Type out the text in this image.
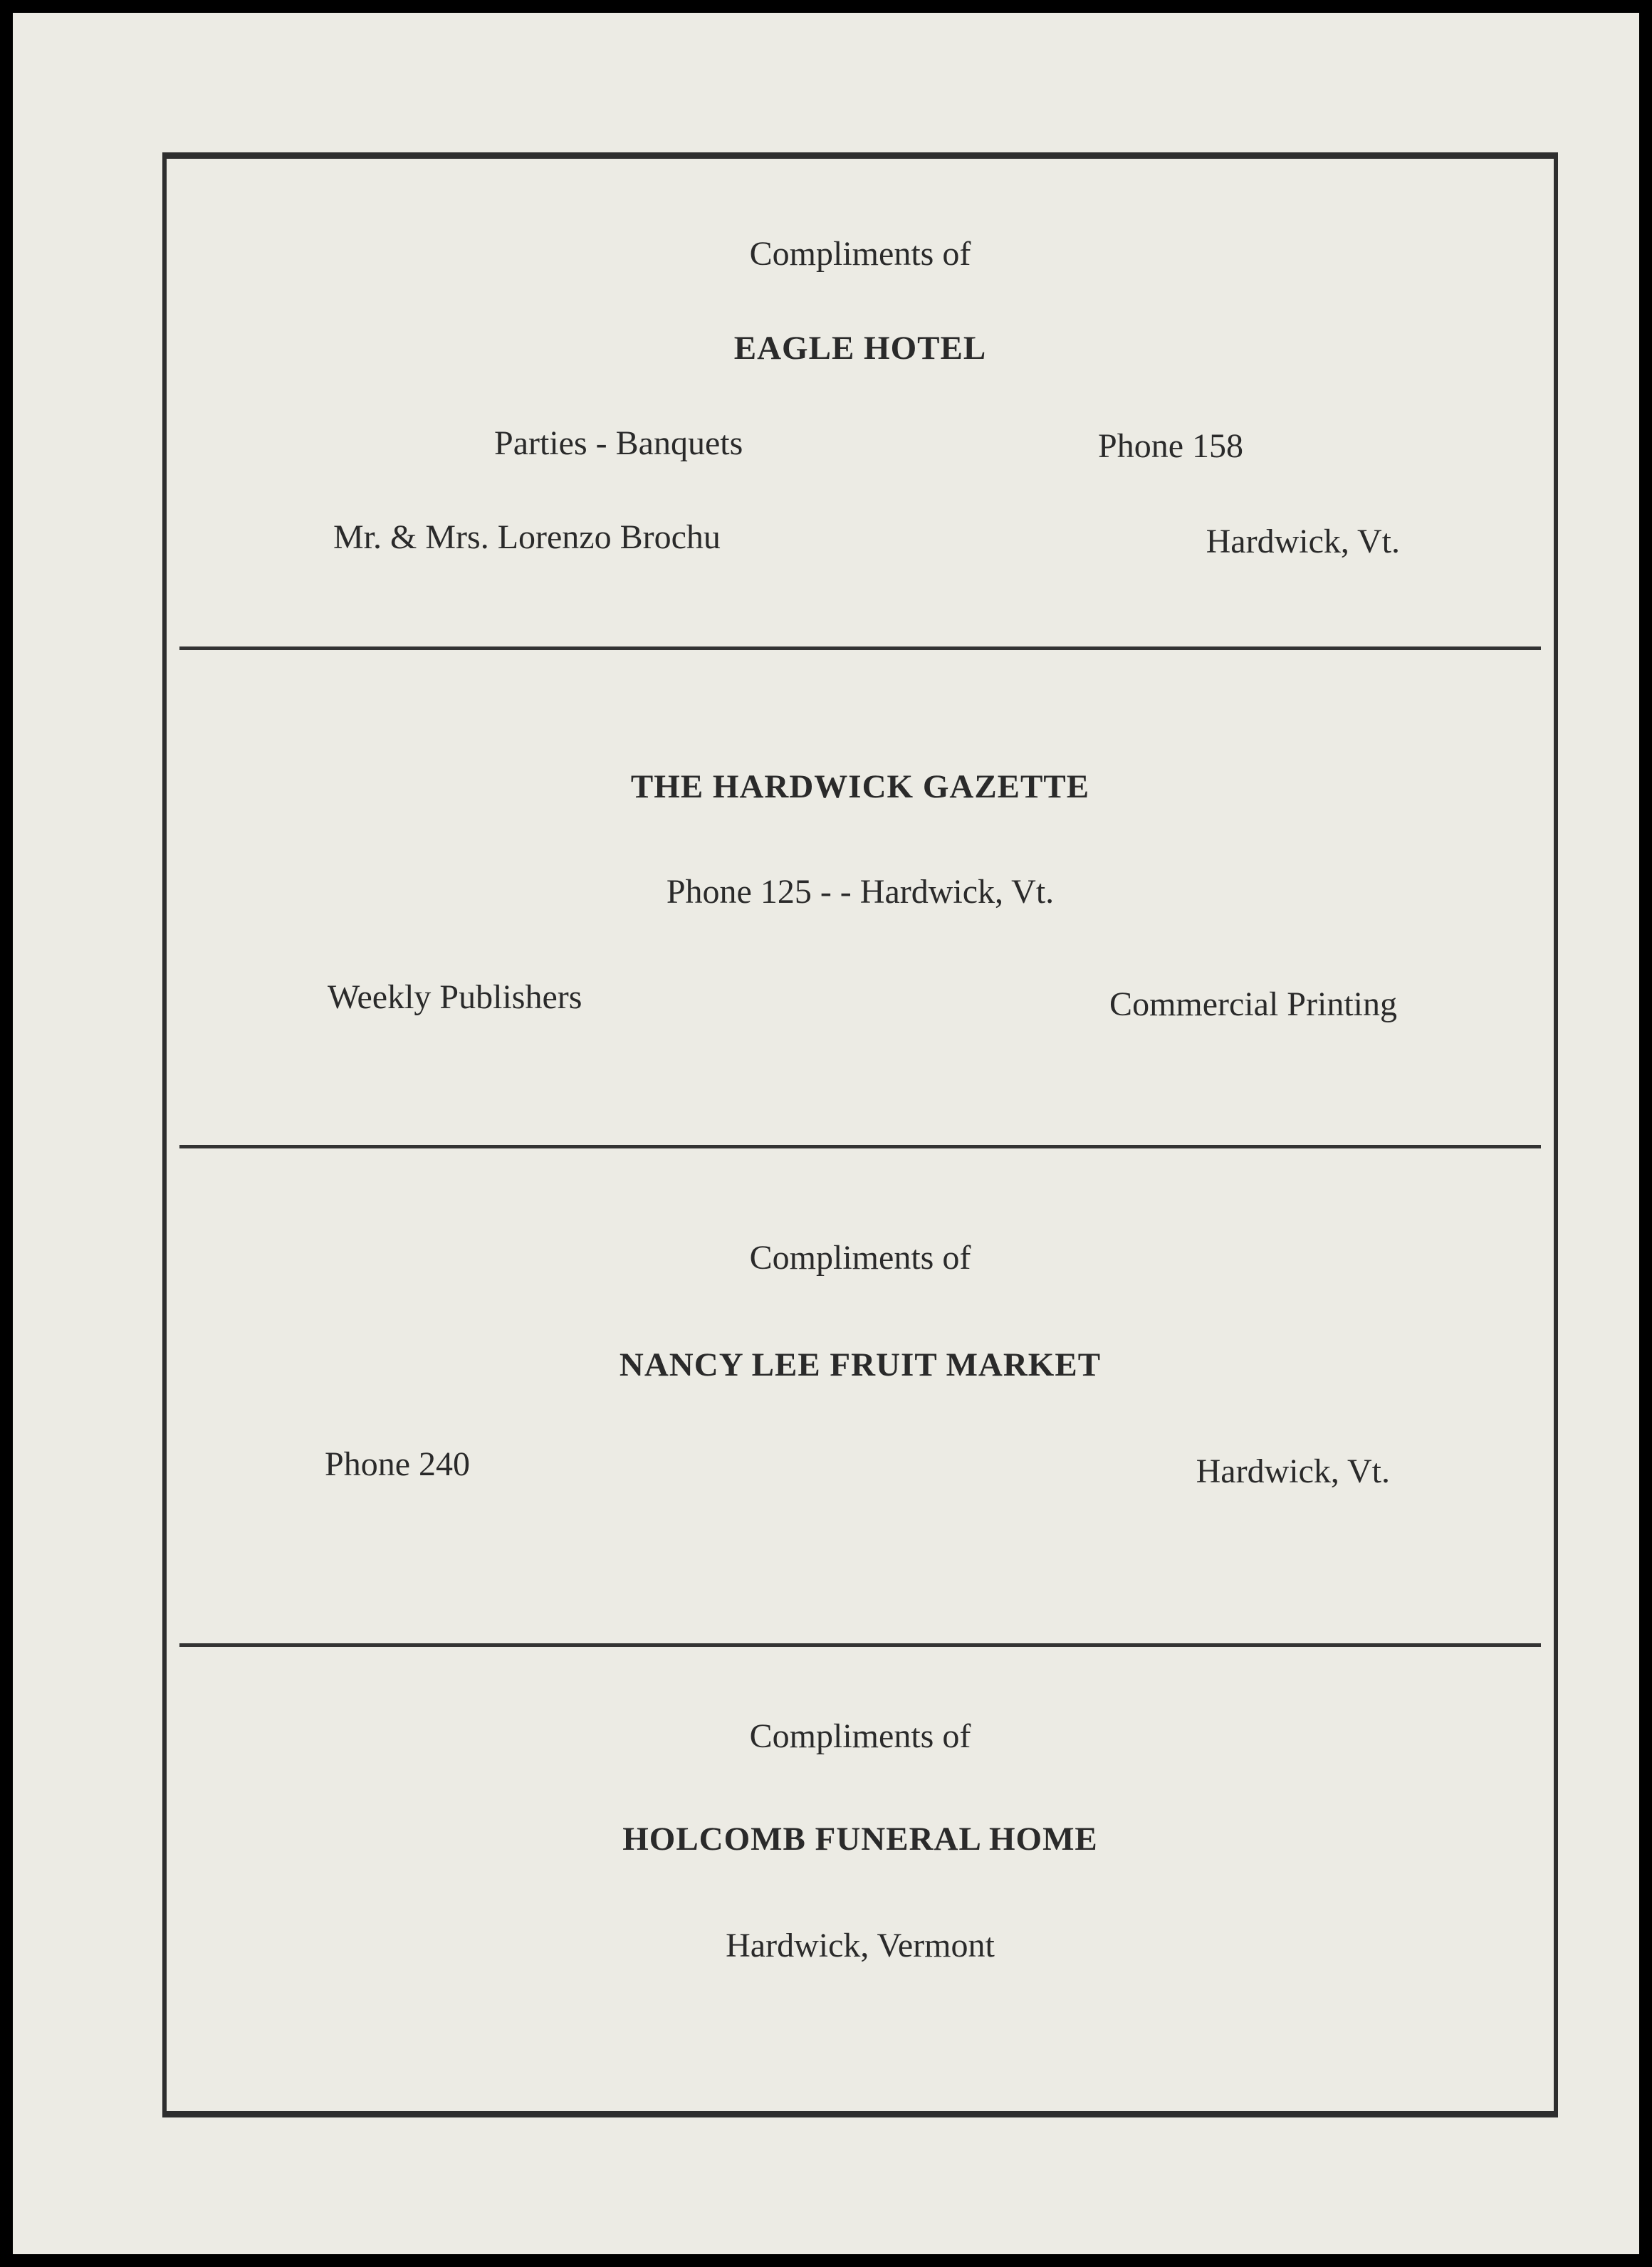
Compliments of
EAGLE HOTEL
Parties - Banquets	Phone 158
Mr. & Mrs. Lorenzo Brochu	Hardwick, Vt.
THE HARDWICK GAZETTE
Phone 125 - - Hardwick, Vt.
Weekly Publishers	Commercial Printing
Compliments of
NANCY LEE FRUIT MARKET
Phone 240	Hardwick, Vt.
Compliments of
HOLCOMB FUNERAL HOME
Hardwick, Vermont
